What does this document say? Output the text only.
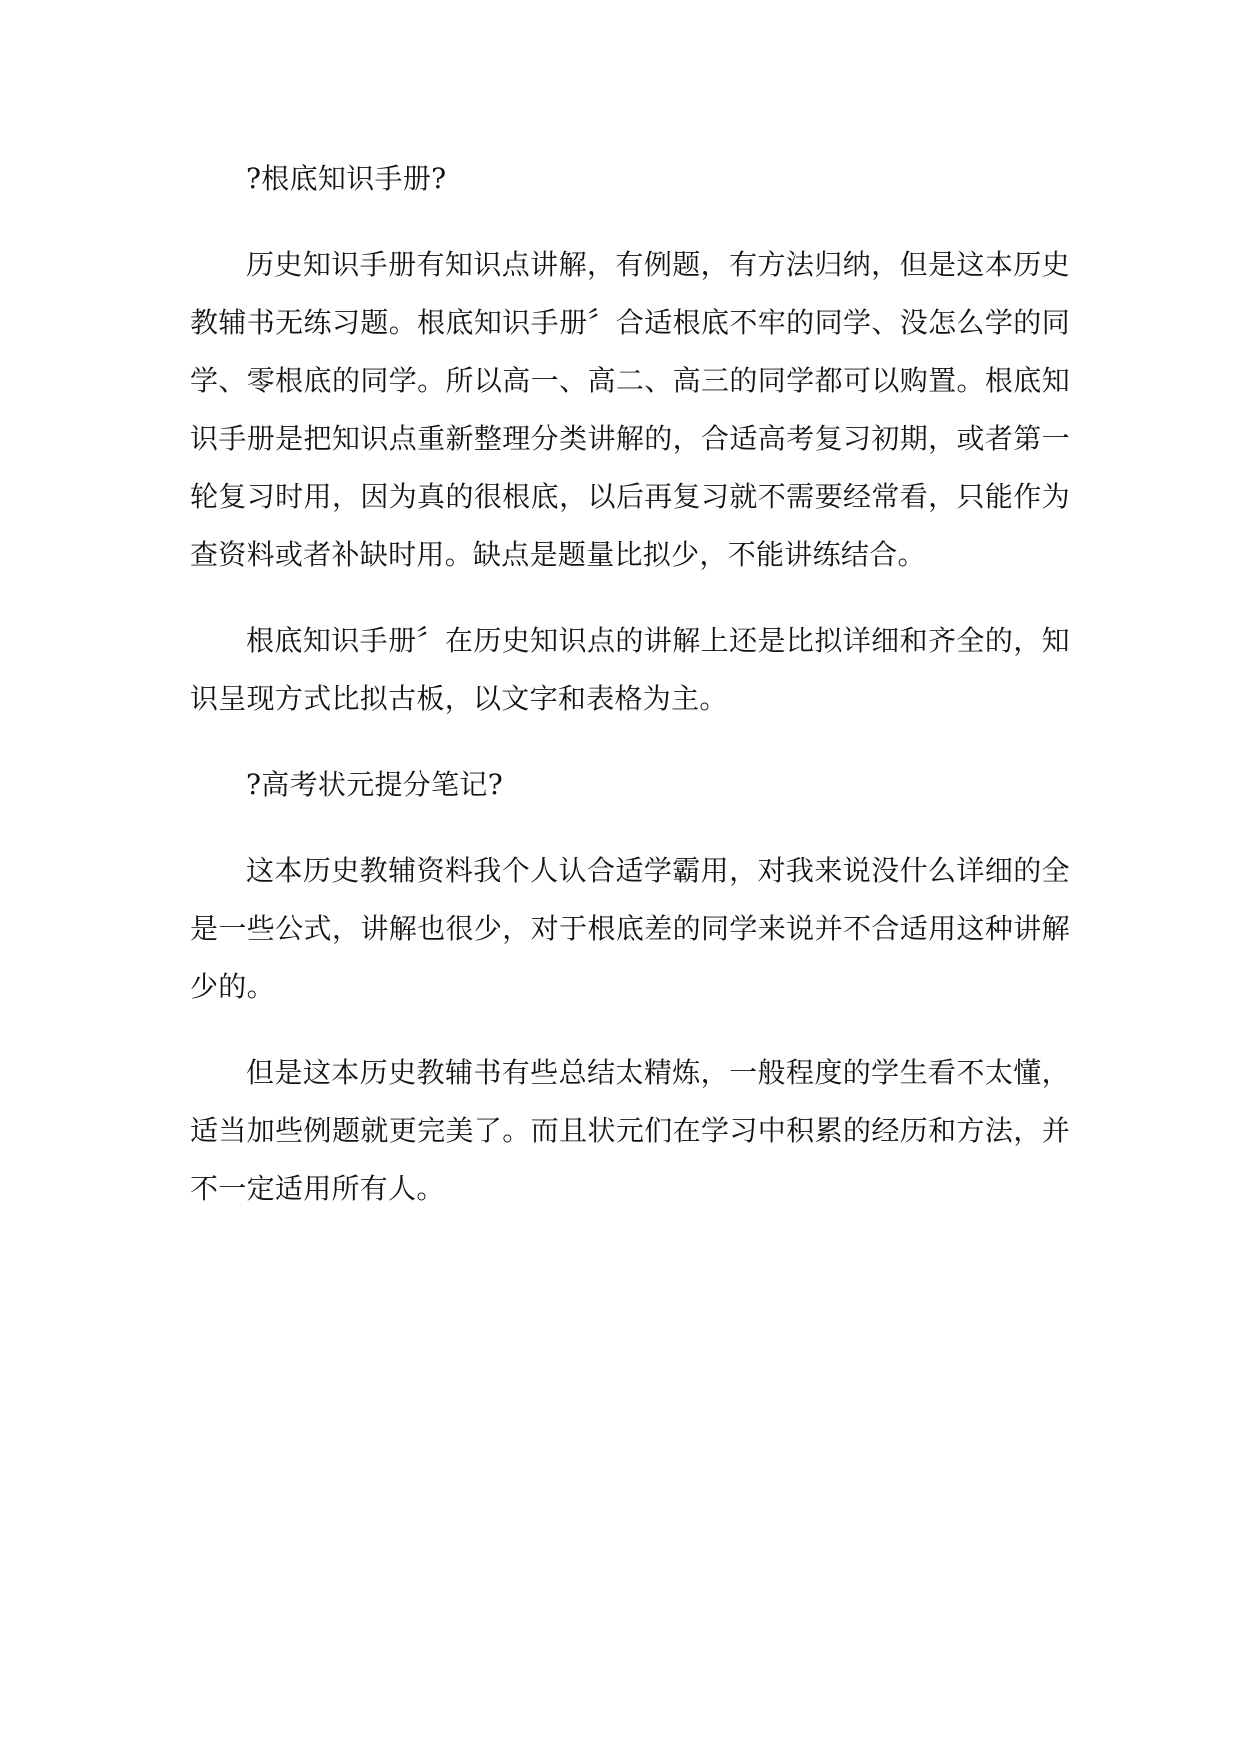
?根底知识手册?

历史知识手册有知识点讲解，有例题，有方法归纳，但是这本历史教辅书无练习题。根底知识手册〞合适根底不牢的同学、没怎么学的同学、零根底的同学。所以高一、高二、高三的同学都可以购置。根底知识手册是把知识点重新整理分类讲解的，合适高考复习初期，或者第一轮复习时用，因为真的很根底，以后再复习就不需要经常看，只能作为查资料或者补缺时用。缺点是题量比拟少，不能讲练结合。

根底知识手册〞在历史知识点的讲解上还是比拟详细和齐全的，知识呈现方式比拟古板，以文字和表格为主。

?高考状元提分笔记?

这本历史教辅资料我个人认合适学霸用，对我来说没什么详细的全是一些公式，讲解也很少，对于根底差的同学来说并不合适用这种讲解少的。

但是这本历史教辅书有些总结太精炼，一般程度的学生看不太懂，适当加些例题就更完美了。而且状元们在学习中积累的经历和方法，并不一定适用所有人。
